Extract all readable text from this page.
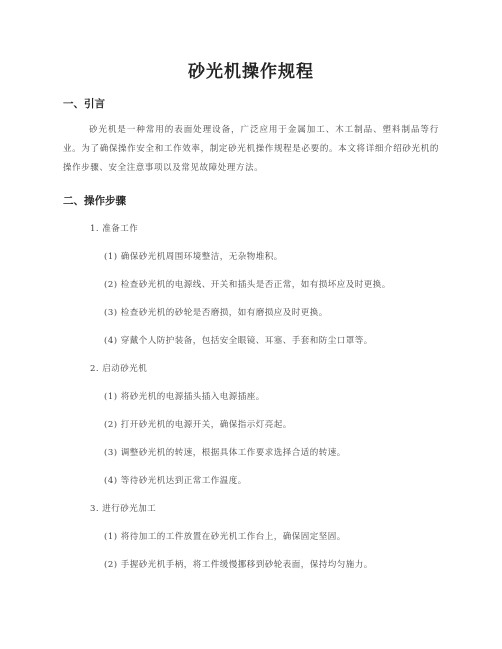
砂光机操作规程
一、引言
砂光机是一种常用的表面处理设备，广泛应用于金属加工、木工制品、塑料制品等行业。为了确保操作安全和工作效率，制定砂光机操作规程是必要的。本文将详细介绍砂光机的操作步骤、安全注意事项以及常见故障处理方法。
二、操作步骤
1. 准备工作
(1) 确保砂光机周围环境整洁，无杂物堆积。
(2) 检查砂光机的电源线、开关和插头是否正常，如有损坏应及时更换。
(3) 检查砂光机的砂轮是否磨损，如有磨损应及时更换。
(4) 穿戴个人防护装备，包括安全眼镜、耳塞、手套和防尘口罩等。
2. 启动砂光机
(1) 将砂光机的电源插头插入电源插座。
(2) 打开砂光机的电源开关，确保指示灯亮起。
(3) 调整砂光机的转速，根据具体工作要求选择合适的转速。
(4) 等待砂光机达到正常工作温度。
3. 进行砂光加工
(1) 将待加工的工件放置在砂光机工作台上，确保固定坚固。
(2) 手握砂光机手柄，将工件缓慢挪移到砂轮表面，保持均匀施力。
